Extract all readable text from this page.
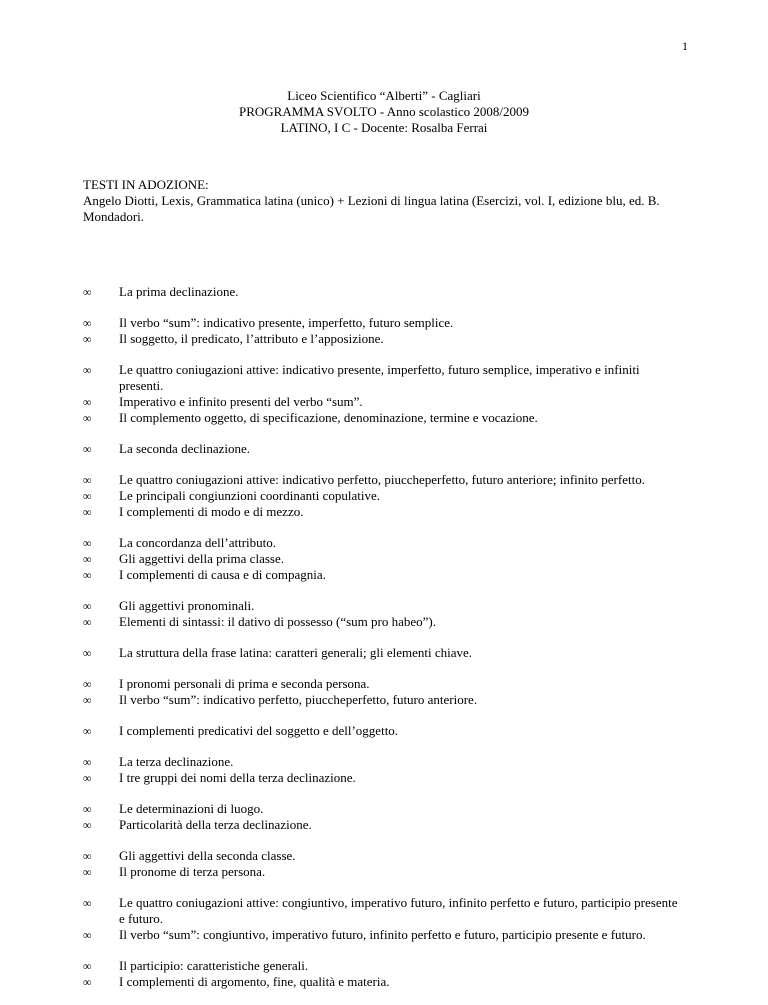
1
Liceo Scientifico “Alberti” - Cagliari
PROGRAMMA SVOLTO - Anno scolastico 2008/2009
LATINO, I C - Docente: Rosalba Ferrai
TESTI IN ADOZIONE:
Angelo Diotti, Lexis, Grammatica latina (unico) + Lezioni di lingua latina (Esercizi, vol. I, edizione blu, ed. B.
Mondadori.
∞	La prima declinazione.
∞	Il verbo “sum”: indicativo presente, imperfetto, futuro semplice.
∞	Il soggetto, il predicato, l’attributo e l’apposizione.
∞	Le quattro coniugazioni attive: indicativo presente, imperfetto, futuro semplice, imperativo e infiniti presenti.
∞	Imperativo e infinito presenti del verbo “sum”.
∞	Il complemento oggetto, di specificazione, denominazione, termine e vocazione.
∞	La seconda declinazione.
∞	Le quattro coniugazioni attive: indicativo perfetto, piuccheperfetto, futuro anteriore; infinito perfetto.
∞	Le principali congiunzioni coordinanti copulative.
∞	I complementi di modo e di mezzo.
∞	La concordanza dell’attributo.
∞	Gli aggettivi della prima classe.
∞	I complementi di causa e di compagnia.
∞	Gli aggettivi pronominali.
∞	Elementi di sintassi: il dativo di possesso (“sum pro habeo”).
∞	La struttura della frase latina: caratteri generali; gli elementi chiave.
∞	I pronomi personali di prima e seconda persona.
∞	Il verbo “sum”: indicativo perfetto, piuccheperfetto, futuro anteriore.
∞	I complementi predicativi del soggetto e dell’oggetto.
∞	La terza declinazione.
∞	I tre gruppi dei nomi della terza declinazione.
∞	Le determinazioni di luogo.
∞	Particolarità della terza declinazione.
∞	Gli aggettivi della seconda classe.
∞	Il pronome di terza persona.
∞	Le quattro coniugazioni attive: congiuntivo, imperativo futuro, infinito perfetto e futuro, participio presente e futuro.
∞	Il verbo “sum”: congiuntivo, imperativo futuro, infinito perfetto e futuro, participio presente e futuro.
∞	Il participio: caratteristiche generali.
∞	I complementi di argomento, fine, qualità e materia.
